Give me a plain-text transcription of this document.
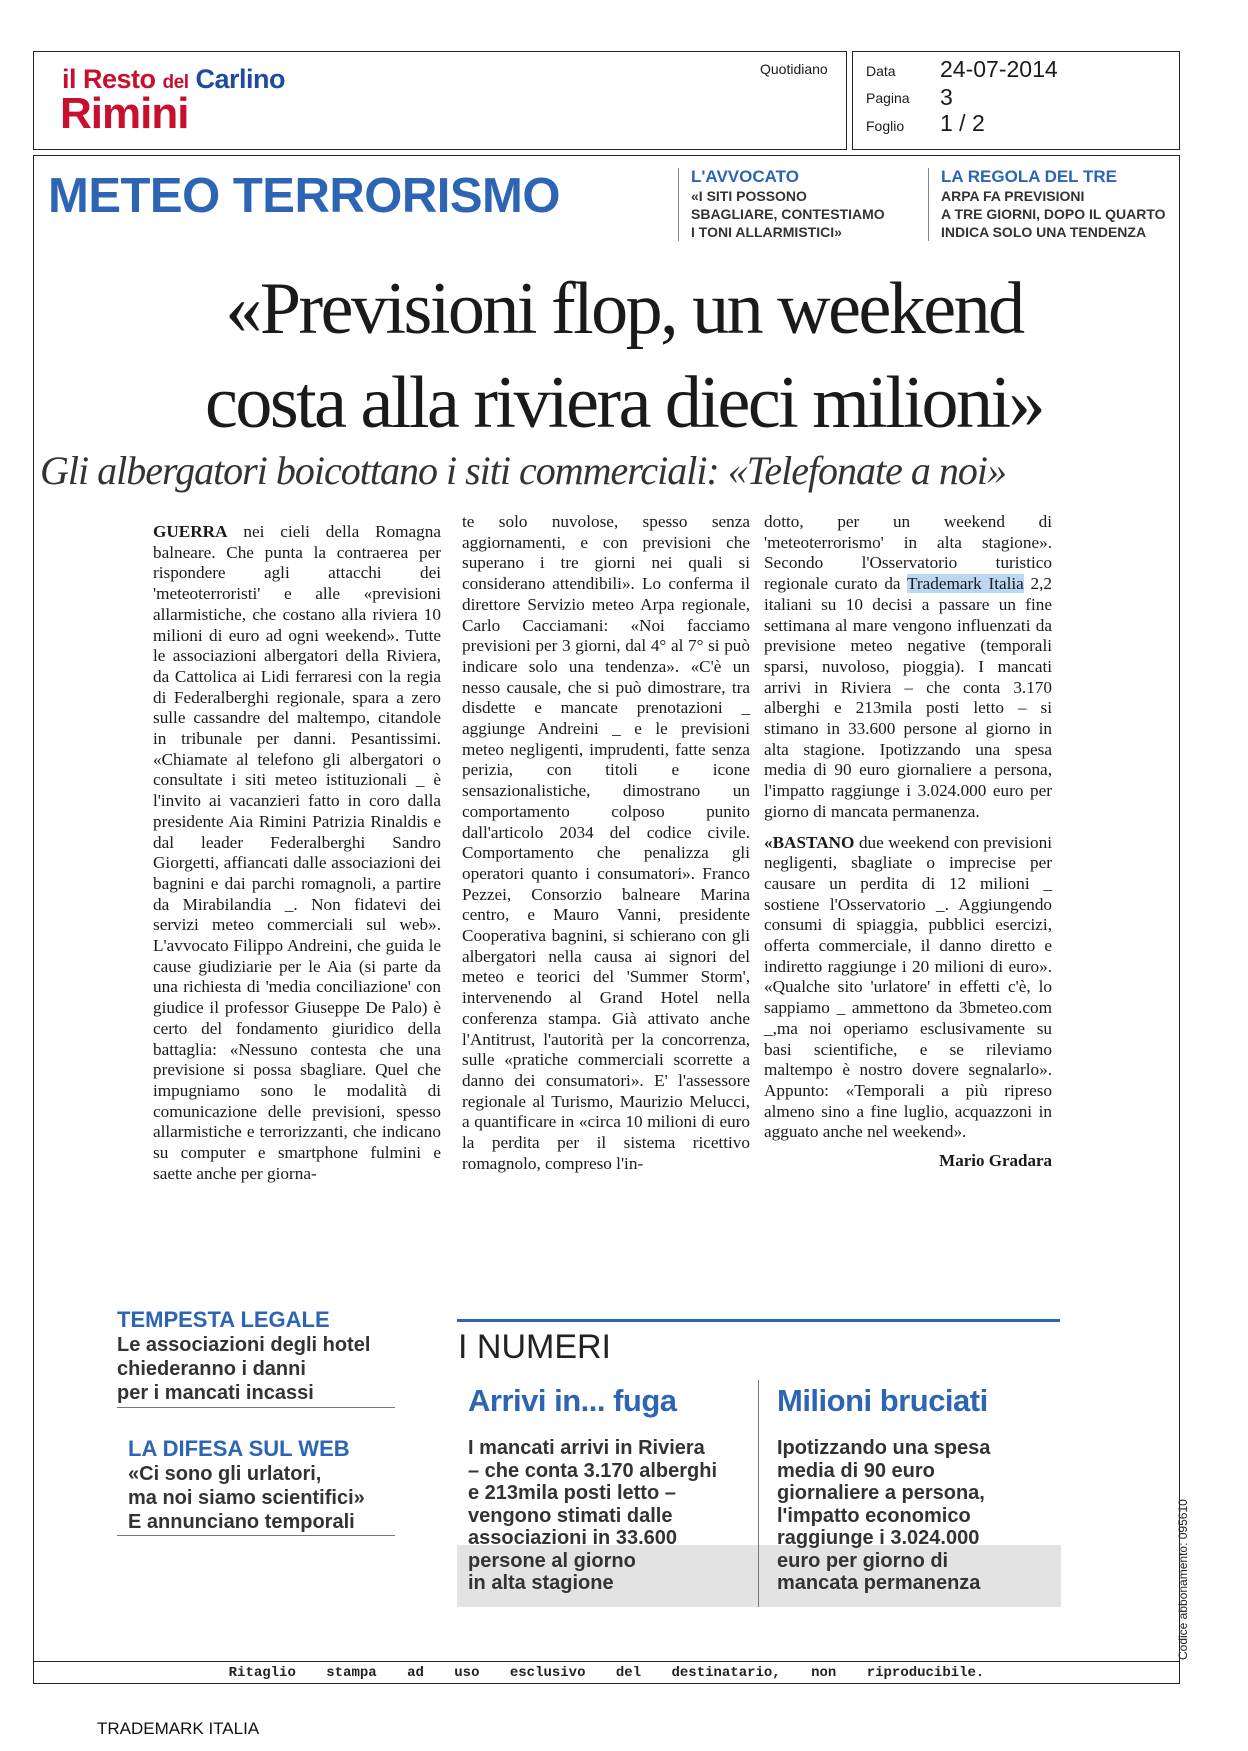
il Resto del Carlino
Rimini
Quotidiano	Data 24-07-2014
Pagina 3
Foglio 1 / 2
METEO TERRORISMO	L'AVVOCATO
«I SITI POSSONO
SBAGLIARE, CONTESTIAMO
I TONI ALLARMISTICI»
LA REGOLA DEL TRE
ARPA FA PREVISIONI
A TRE GIORNI, DOPO IL QUARTO
INDICA SOLO UNA TENDENZA
«Previsioni flop, un weekend
costa alla riviera dieci milioni»
Gli albergatori boicottano i siti commerciali: «Telefonate a noi»

GUERRA nei cieli della Romagna balneare. Che punta la contraerea per rispondere agli attacchi dei 'meteoterroristi' e alle «previsioni allarmistiche, che costano alla riviera 10 milioni di euro ad ogni weekend». Tutte le associazioni albergatori della Riviera, da Cattolica ai Lidi ferraresi con la regia di Federalberghi regionale, spara a zero sulle cassandre del maltempo, citandole in tribunale per danni. Pesantissimi. «Chiamate al telefono gli albergatori o consultate i siti meteo istituzionali _ è l'invito ai vacanzieri fatto in coro dalla presidente Aia Rimini Patrizia Rinaldis e dal leader Federalberghi Sandro Giorgetti, affiancati dalle associazioni dei bagnini e dai parchi romagnoli, a partire da Mirabilandia _. Non fidatevi dei servizi meteo commerciali sul web». L'avvocato Filippo Andreini, che guida le cause giudiziarie per le Aia (si parte da una richiesta di 'media conciliazione' con giudice il professor Giuseppe De Palo) è certo del fondamento giuridico della battaglia: «Nessuno contesta che una previsione si possa sbagliare. Quel che impugniamo sono le modalità di comunicazione delle previsioni, spesso allarmistiche e terrorizzanti, che indicano su computer e smartphone fulmini e saette anche per giorna-

te solo nuvolose, spesso senza aggiornamenti, e con previsioni che superano i tre giorni nei quali si considerano attendibili». Lo conferma il direttore Servizio meteo Arpa regionale, Carlo Cacciamani: «Noi facciamo previsioni per 3 giorni, dal 4° al 7° si può indicare solo una tendenza». «C'è un nesso causale, che si può dimostrare, tra disdette e mancate prenotazioni _ aggiunge Andreini _ e le previsioni meteo negligenti, imprudenti, fatte senza perizia, con titoli e icone sensazionalistiche, dimostrano un comportamento colposo punito dall'articolo 2034 del codice civile. Comportamento che penalizza gli operatori quanto i consumatori». Franco Pezzei, Consorzio balneare Marina centro, e Mauro Vanni, presidente Cooperativa bagnini, si schierano con gli albergatori nella causa ai signori del meteo e teorici del 'Summer Storm', intervenendo al Grand Hotel nella conferenza stampa. Già attivato anche l'Antitrust, l'autorità per la concorrenza, sulle «pratiche commerciali scorrette a danno dei consumatori». E' l'assessore regionale al Turismo, Maurizio Melucci, a quantificare in «circa 10 milioni di euro la perdita per il sistema ricettivo romagnolo, compreso l'in-

dotto, per un weekend di 'meteoterrorismo' in alta stagione». Secondo l'Osservatorio turistico regionale curato da Trademark Italia 2,2 italiani su 10 decisi a passare un fine settimana al mare vengono influenzati da previsione meteo negative (temporali sparsi, nuvoloso, pioggia). I mancati arrivi in Riviera – che conta 3.170 alberghi e 213mila posti letto – si stimano in 33.600 persone al giorno in alta stagione. Ipotizzando una spesa media di 90 euro giornaliere a persona, l'impatto raggiunge i 3.024.000 euro per giorno di mancata permanenza.

«BASTANO due weekend con previsioni negligenti, sbagliate o imprecise per causare un perdita di 12 milioni _ sostiene l'Osservatorio _. Aggiungendo consumi di spiaggia, pubblici esercizi, offerta commerciale, il danno diretto e indiretto raggiunge i 20 milioni di euro». «Qualche sito 'urlatore' in effetti c'è, lo sappiamo _ ammettono da 3bmeteo.com _,ma noi operiamo esclusivamente su basi scientifiche, e se rileviamo maltempo è nostro dovere segnalarlo». Appunto: «Temporali a più ripreso almeno sino a fine luglio, acquazzoni in agguato anche nel weekend».

Mario Gradara
TEMPESTA LEGALE
Le associazioni degli hotel
chiederanno i danni
per i mancati incassi
LA DIFESA SUL WEB
«Ci sono gli urlatori,
ma noi siamo scientifici»
E annunciano temporali
I NUMERI
Arrivi in... fuga
I mancati arrivi in Riviera
– che conta 3.170 alberghi
e 213mila posti letto –
vengono stimati dalle
associazioni in 33.600
persone al giorno
in alta stagione
Milioni bruciati
Ipotizzando una spesa
media di 90 euro
giornaliere a persona,
l'impatto economico
raggiunge i 3.024.000
euro per giorno di
mancata permanenza
Ritaglio stampa ad uso esclusivo del destinatario, non riproducibile.
Codice abbonamento: 095610
TRADEMARK ITALIA
